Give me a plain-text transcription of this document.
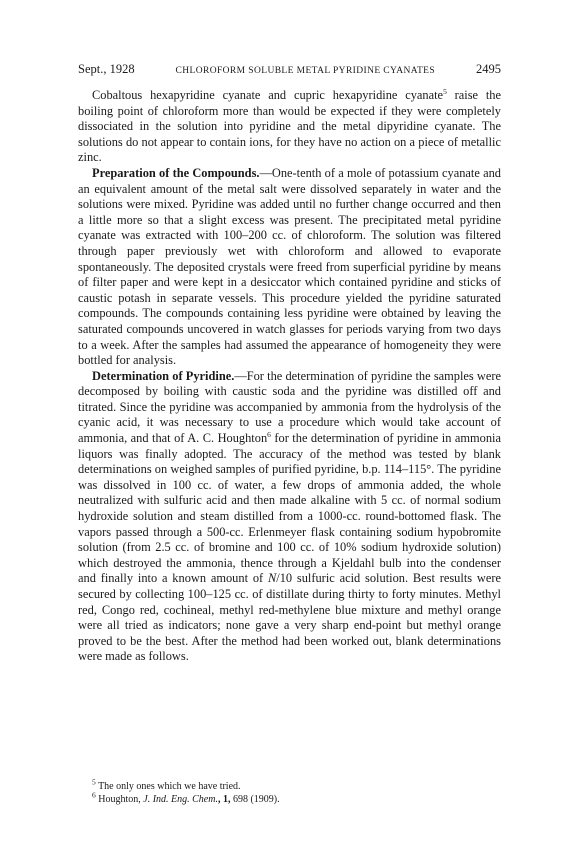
Sept., 1928	CHLOROFORM SOLUBLE METAL PYRIDINE CYANATES	2495

Cobaltous hexapyridine cyanate and cupric hexapyridine cyanate$^5$ raise the boiling point of chloroform more than would be expected if they were completely dissociated in the solution into pyridine and the metal dipyridine cyanate. The solutions do not appear to contain ions, for they have no action on a piece of metallic zinc.

Preparation of the Compounds.—One-tenth of a mole of potassium cyanate and an equivalent amount of the metal salt were dissolved separately in water and the solutions were mixed. Pyridine was added until no further change occurred and then a little more so that a slight excess was present. The precipitated metal pyridine cyanate was extracted with 100–200 cc. of chloroform. The solution was filtered through paper previously wet with chloroform and allowed to evaporate spontaneously. The deposited crystals were freed from superficial pyridine by means of filter paper and were kept in a desiccator which contained pyridine and sticks of caustic potash in separate vessels. This procedure yielded the pyridine saturated compounds. The compounds containing less pyridine were obtained by leaving the saturated compounds uncovered in watch glasses for periods varying from two days to a week. After the samples had assumed the appearance of homogeneity they were bottled for analysis.

Determination of Pyridine.—For the determination of pyridine the samples were decomposed by boiling with caustic soda and the pyridine was distilled off and titrated. Since the pyridine was accompanied by ammonia from the hydrolysis of the cyanic acid, it was necessary to use a procedure which would take account of ammonia, and that of A. C. Houghton$^6$ for the determination of pyridine in ammonia liquors was finally adopted. The accuracy of the method was tested by blank determinations on weighed samples of purified pyridine, b.p. 114–115°. The pyridine was dissolved in 100 cc. of water, a few drops of ammonia added, the whole neutralized with sulfuric acid and then made alkaline with 5 cc. of normal sodium hydroxide solution and steam distilled from a 1000-cc. round-bottomed flask. The vapors passed through a 500-cc. Erlenmeyer flask containing sodium hypobromite solution (from 2.5 cc. of bromine and 100 cc. of 10% sodium hydroxide solution) which destroyed the ammonia, thence through a Kjeldahl bulb into the condenser and finally into a known amount of N/10 sulfuric acid solution. Best results were secured by collecting 100–125 cc. of distillate during thirty to forty minutes. Methyl red, Congo red, cochineal, methyl red-methylene blue mixture and methyl orange were all tried as indicators; none gave a very sharp end-point but methyl orange proved to be the best. After the method had been worked out, blank determinations were made as follows.

$^5$ The only ones which we have tried.

$^6$ Houghton, J. Ind. Eng. Chem., 1, 698 (1909).
